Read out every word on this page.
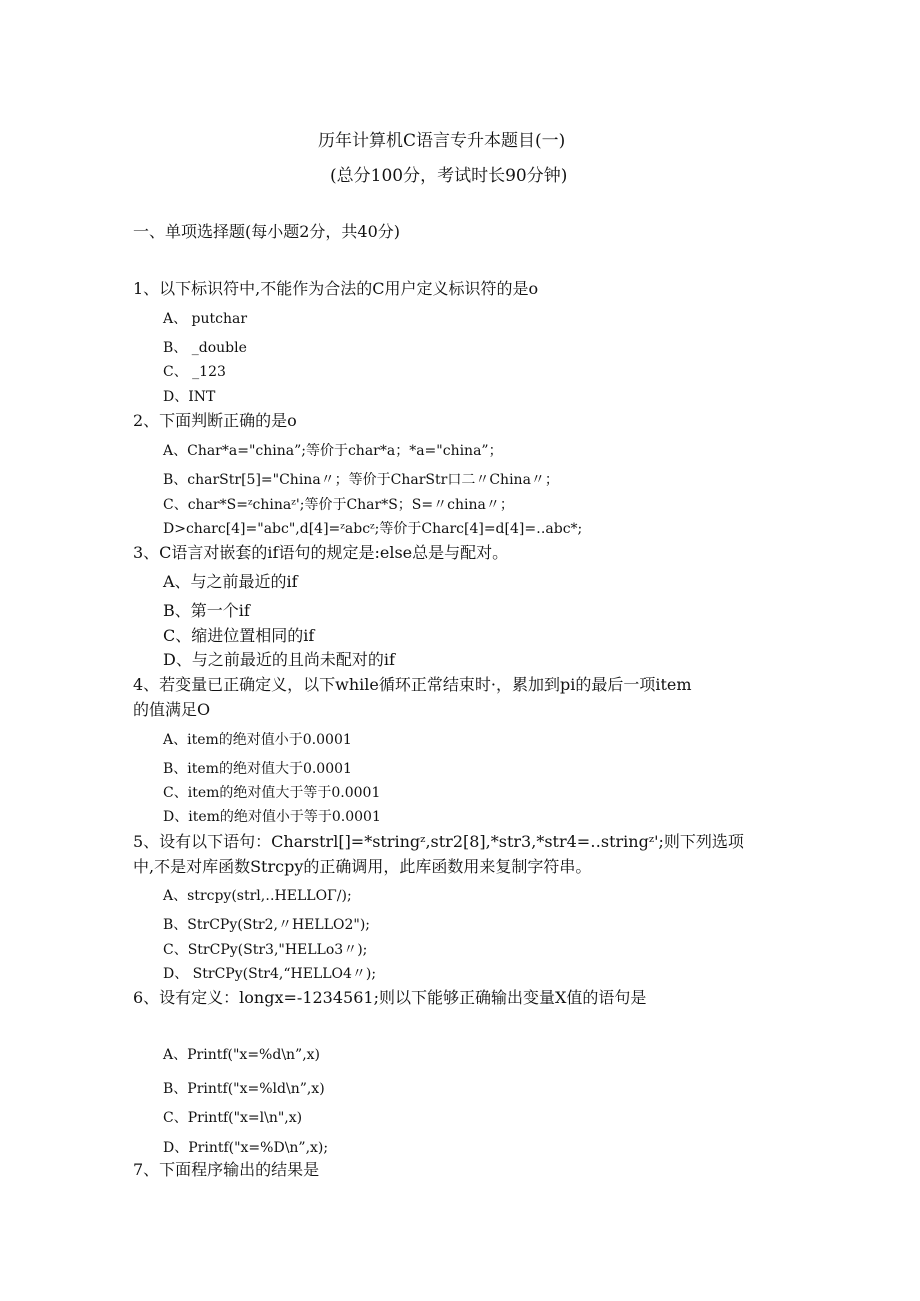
历年计算机C语言专升本题目(一)
(总分100分，考试时长90分钟)
一、单项选择题(每小题2分，共40分)
1、以下标识符中,不能作为合法的C用户定义标识符的是o
A、 putchar
B、 _double
C、 _123
D、INT
2、下面判断正确的是o
A、Char*a="china”;等价于char*a；*a="china”；
B、charStr[5]="China〃；等价于CharStr口二〃China〃；
C、char*S=ᶻchinaᶻ';等价于Char*S；S=〃china〃；
D>charc[4]="abc",d[4]=ᶻabcᶻ;等价于Charc[4]=d[4]=‥abc*;
3、C语言对嵌套的if语句的规定是:else总是与配对。
A、与之前最近的if
B、第一个if
C、缩进位置相同的if
D、与之前最近的且尚未配对的if
4、若变量已正确定义，以下while循环正常结束时·，累加到pi的最后一项item
的值满足O
A、item的绝对值小于0.0001
B、item的绝对值大于0.0001
C、item的绝对值大于等于0.0001
D、item的绝对值小于等于0.0001
5、设有以下语句：Charstrl[]=*stringᶻ,str2[8],*str3,*str4=‥stringᶻ';则下列选项
中,不是对库函数Strcpy的正确调用，此库函数用来复制字符串。
A、strcpy(strl,‥HELLOΓ∕);
B、StrCPy(Str2,〃HELLO2");
C、StrCPy(Str3,"HELLo3〃);
D、 StrCPy(Str4,“HELLO4〃);
6、设有定义：longx=-1234561;则以下能够正确输出变量X值的语句是
A、Printf("x=%d\n”,x)
B、Printf("x=%ld\n”,x)
C、Printf("x=l\n",x)
D、Printf("x=%D\n”,x);
7、下面程序输出的结果是
